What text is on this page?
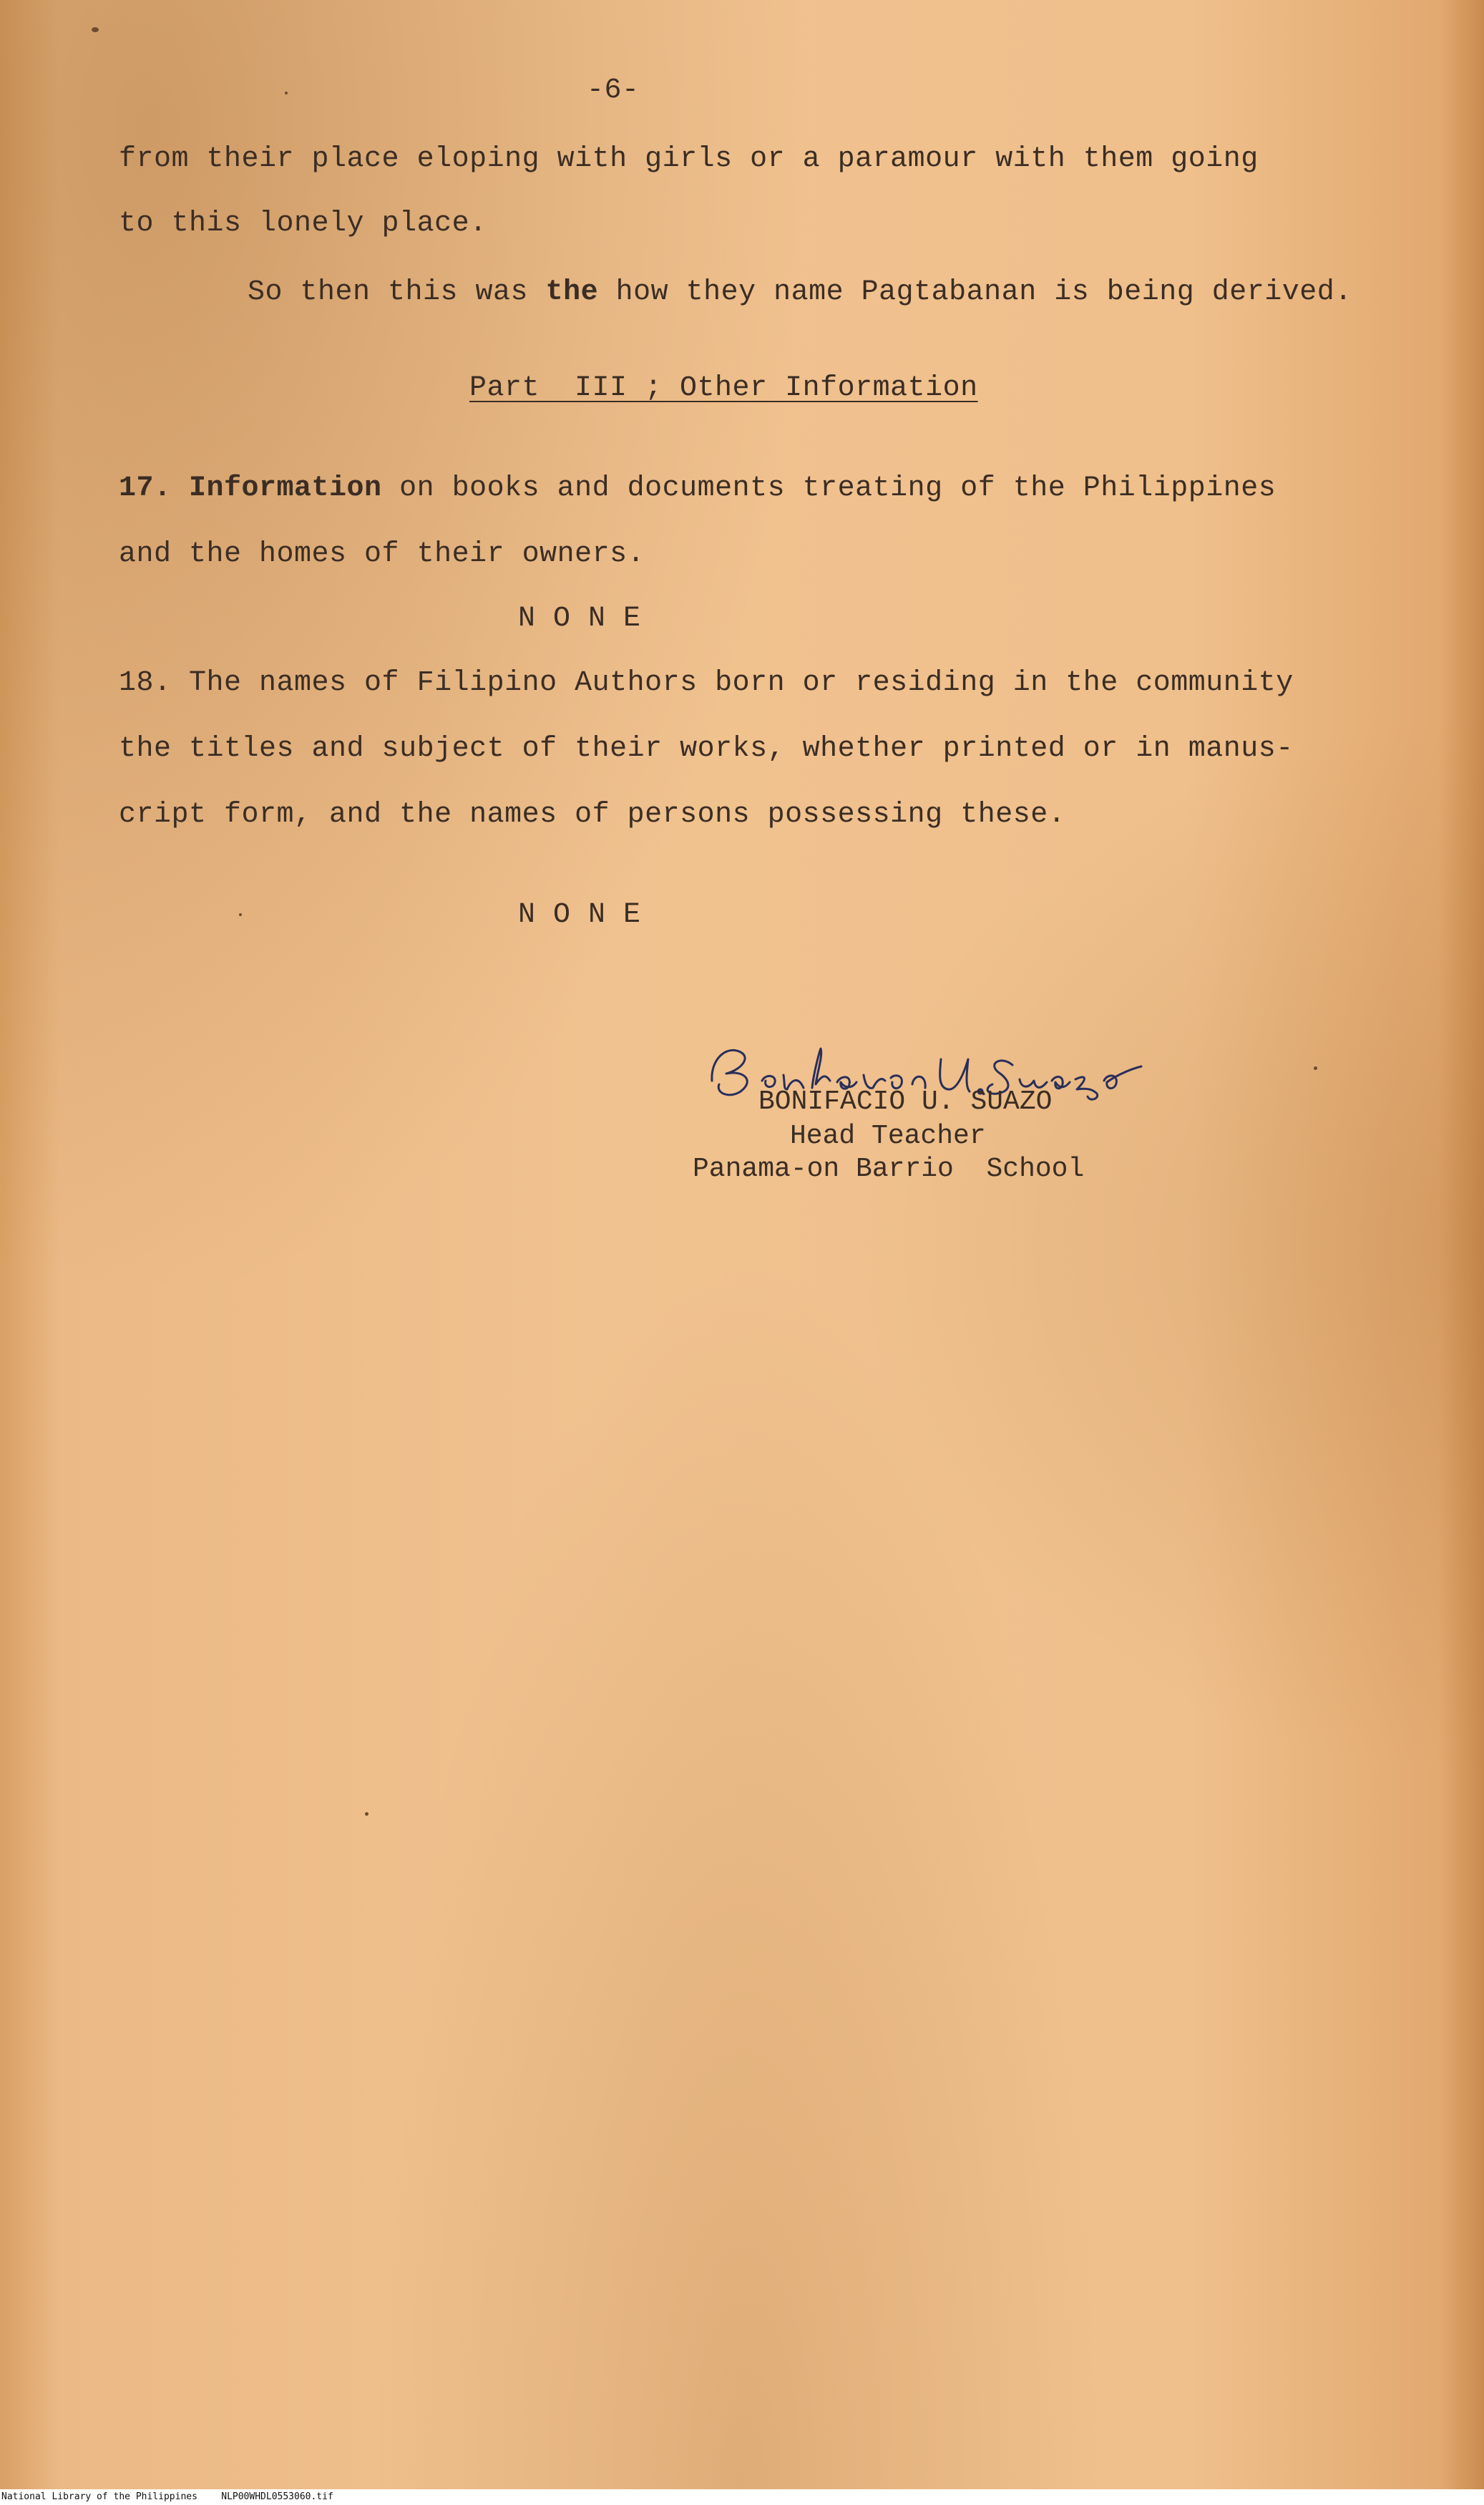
-6-
from their place eloping with girls or a paramour with them going
to this lonely place.
So then this was the how they name Pagtabanan is being derived.
Part  III ; Other Information
17. Information on books and documents treating of the Philippines
and the homes of their owners.
N O N E
18. The names of Filipino Authors born or residing in the community
the titles and subject of their works, whether printed or in manus-
cript form, and the names of persons possessing these.
N O N E
Bonifacio U. Suazo
BONIFACIO U. SUAZO
Head Teacher
Panama-on Barrio  School
National Library of the Philippines	NLP00WHDL0553060.tif
